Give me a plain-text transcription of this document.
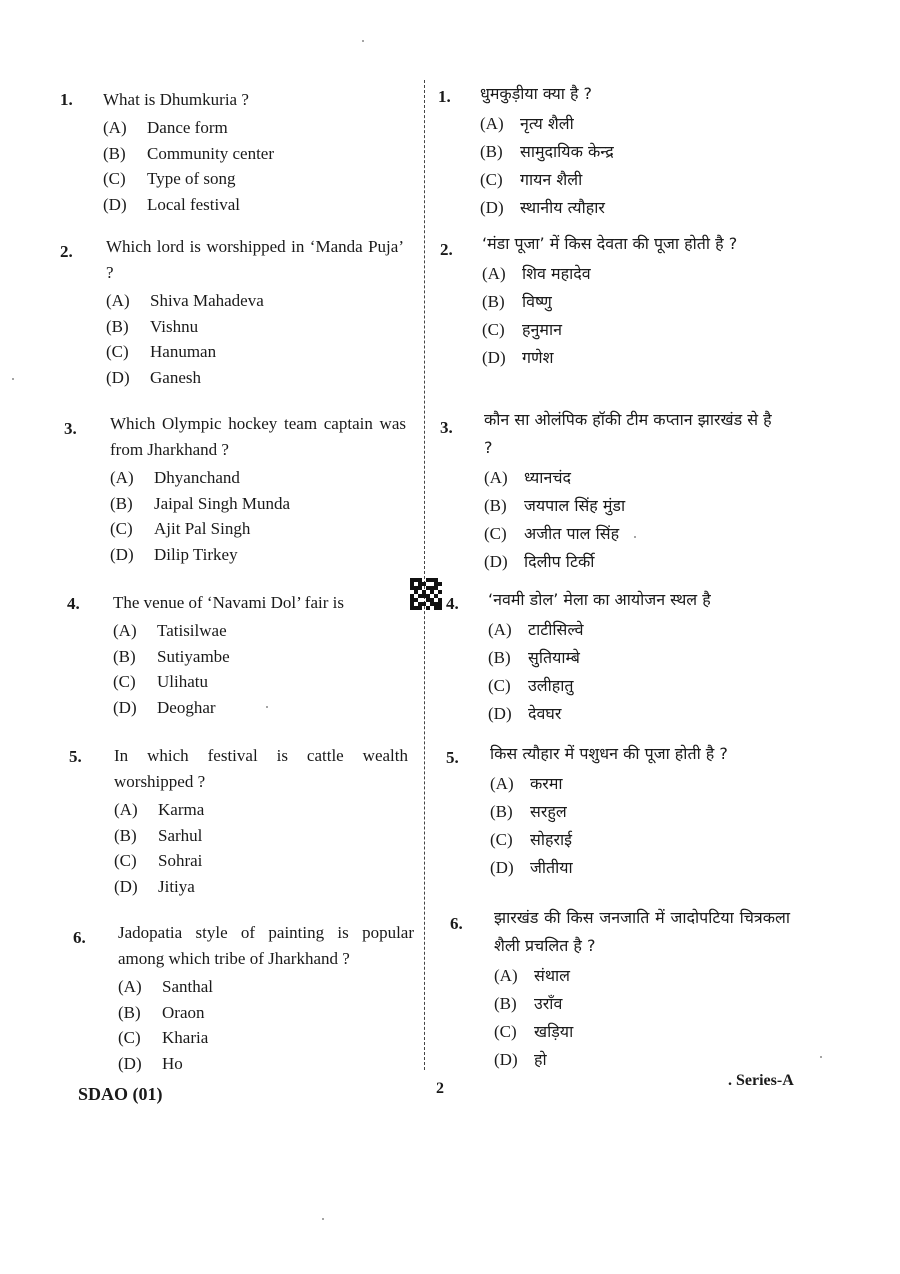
1. What is Dhumkuria ?
(A)	Dance form
(B)	Community center
(C)	Type of song
(D)	Local festival
2. Which lord is worshipped in ‘Manda Puja’ ?
(A)	Shiva Mahadeva
(B)	Vishnu
(C)	Hanuman
(D)	Ganesh
3. Which Olympic hockey team captain was from Jharkhand ?
(A)	Dhyanchand
(B)	Jaipal Singh Munda
(C)	Ajit Pal Singh
(D)	Dilip Tirkey
4. The venue of ‘Navami Dol’ fair is
(A)	Tatisilwae
(B)	Sutiyambe
(C)	Ulihatu
(D)	Deoghar
5. In which festival is cattle wealth worshipped ?
(A)	Karma
(B)	Sarhul
(C)	Sohrai
(D)	Jitiya
6. Jadopatia style of painting is popular among which tribe of Jharkhand ?
(A)	Santhal
(B)	Oraon
(C)	Kharia
(D)	Ho
1. धुमकुड़ीया क्या है ?
(A)	नृत्य शैली
(B)	सामुदायिक केन्द्र
(C)	गायन शैली
(D)	स्थानीय त्यौहार
2. ‘मंडा पूजा’ में किस देवता की पूजा होती है ?
(A)	शिव महादेव
(B)	विष्णु
(C)	हनुमान
(D)	गणेश
3. कौन सा ओलंपिक हॉकी टीम कप्तान झारखंड से है ?
(A)	ध्यानचंद
(B)	जयपाल सिंह मुंडा
(C)	अजीत पाल सिंह
(D)	दिलीप टिर्की
4. ‘नवमी डोल’ मेला का आयोजन स्थल है
(A)	टाटीसिल्वे
(B)	सुतियाम्बे
(C)	उलीहातु
(D)	देवघर
5. किस त्यौहार में पशुधन की पूजा होती है ?
(A)	करमा
(B)	सरहुल
(C)	सोहराई
(D)	जीतीया
6. झारखंड की किस जनजाति में जादोपटिया चित्रकला शैली प्रचलित है ?
(A)	संथाल
(B)	उराँव
(C)	खड़िया
(D)	हो
SDAO (01)	2	. Series-A
